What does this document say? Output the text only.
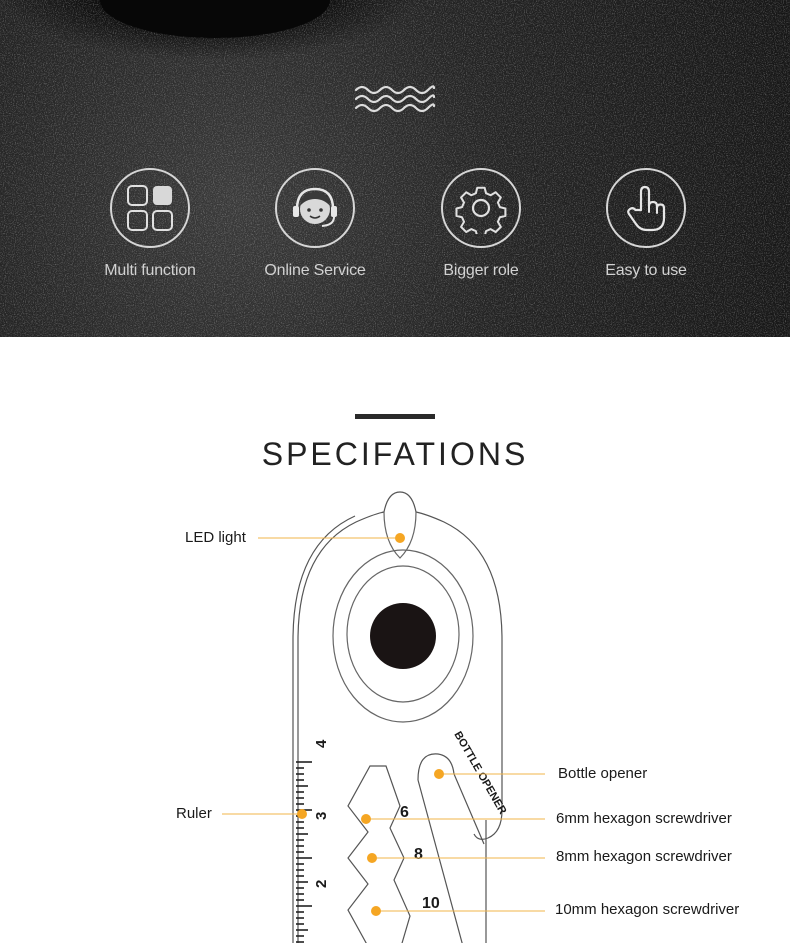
Multi function	Online Service	Bigger role	Easy to use
SPECIFATIONS
4
3
2
6
8
10
BOTTLE OPENER
LED light
Bottle opener
Ruler	6mm hexagon screwdriver
8mm hexagon screwdriver
10mm hexagon screwdriver
